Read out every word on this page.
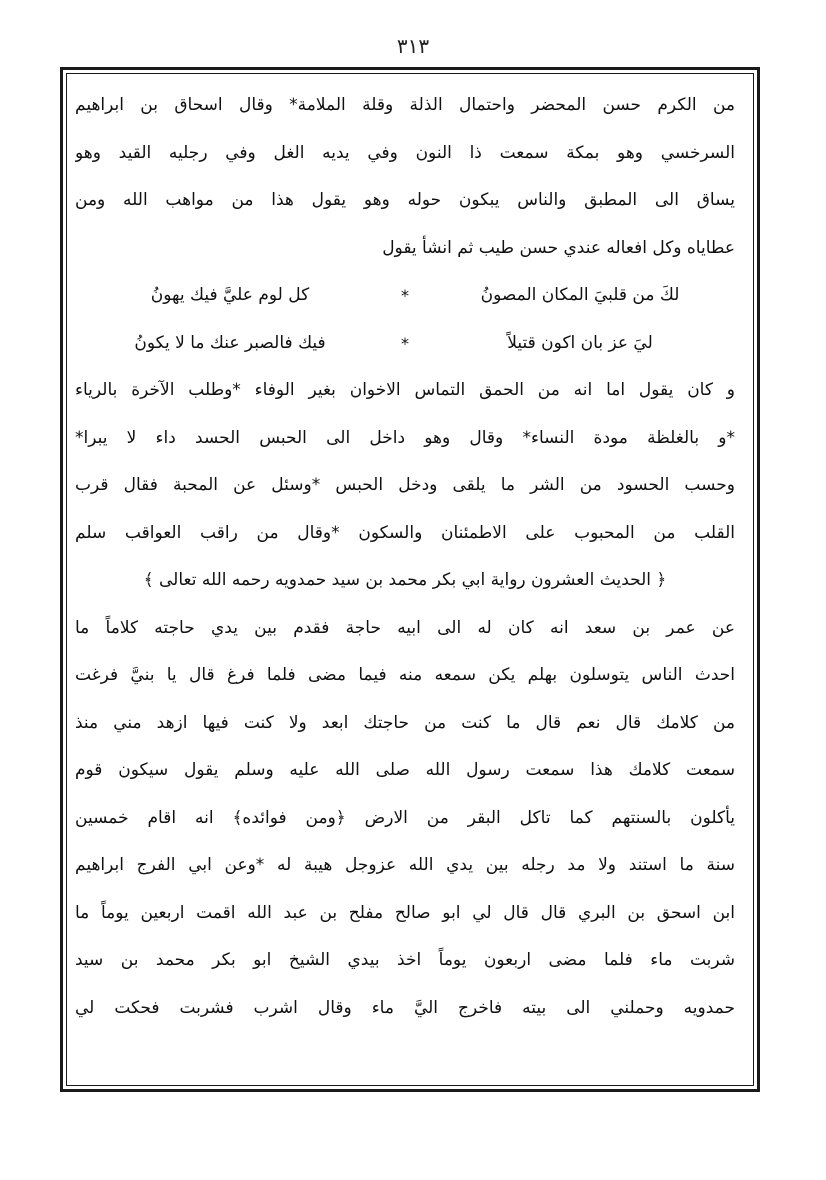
٣١٣
من الكرم حسن المحضر واحتمال الذلة وقلة الملامة* وقال اسحاق بن ابراهيم
السرخسي وهو بمكة سمعت ذا النون وفي يديه الغل وفي رجليه القيد وهو
يساق الى المطبق والناس يبكون حوله وهو يقول هذا من مواهب الله ومن
عطاياه وكل افعاله عندي حسن طيب ثم انشأ يقول
لكَ من قلبيَ المكان المصونُ
*
كل لوم عليَّ فيك يهونُ
ليَ عز بان اكون قتيلاً
*
فيك فالصبر عنك ما لا يكونُ
و كان يقول اما انه من الحمق التماس الاخوان بغير الوفاء *وطلب الآخرة بالرياء
*و بالغلظة مودة النساء* وقال وهو داخل الى الحبس الحسد داء لا يبرا*
وحسب الحسود من الشر ما يلقى ودخل الحبس *وسئل عن المحبة فقال قرب
القلب من المحبوب على الاطمئنان والسكون *وقال من راقب العواقب سلم
﴿ الحديث العشرون رواية ابي بكر محمد بن سيد حمدويه رحمه الله تعالى ﴾
عن عمر بن سعد انه كان له الى ابيه حاجة فقدم بين يدي حاجته كلاماً ما
احدث الناس يتوسلون بهلم يكن سمعه منه فيما مضى فلما فرغ قال يا بنيَّ فرغت
من كلامك قال نعم قال ما كنت من حاجتك ابعد ولا كنت فيها ازهد مني منذ
سمعت كلامك هذا سمعت رسول الله صلى الله عليه وسلم يقول سيكون قوم
يأكلون بالسنتهم كما تاكل البقر من الارض ﴿ومن فوائده﴾ انه اقام خمسين
سنة ما استند ولا مد رجله بين يدي الله عزوجل هيبة له *وعن ابي الفرج ابراهيم
ابن اسحق بن البري قال قال لي ابو صالح مفلح بن عبد الله اقمت اربعين يوماً ما
شربت ماء فلما مضى اربعون يوماً اخذ بيدي الشيخ ابو بكر محمد بن سيد
حمدويه وحملني الى بيته فاخرج اليَّ ماء وقال اشرب فشربت فحكت لي
